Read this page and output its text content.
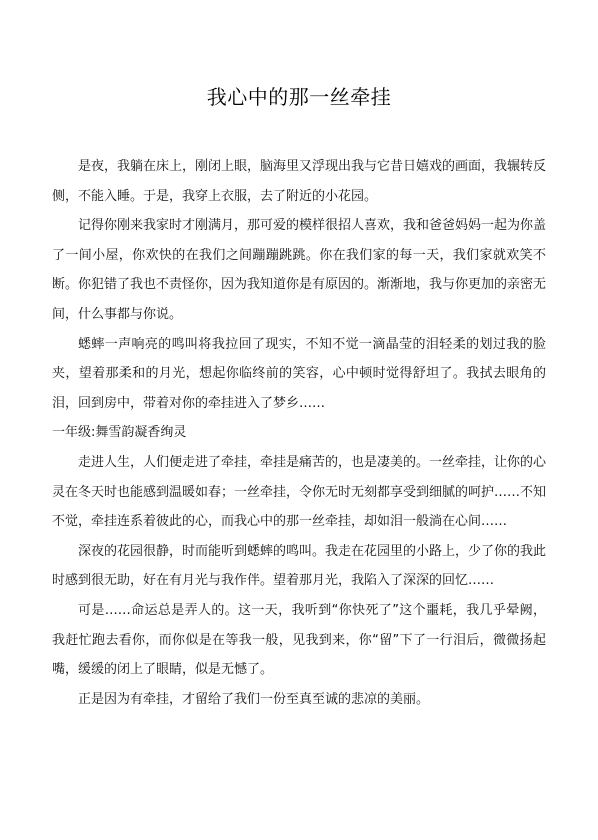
我心中的那一丝牵挂

是夜，我躺在床上，刚闭上眼，脑海里又浮现出我与它昔日嬉戏的画面，我辗转反侧，不能入睡。于是，我穿上衣服，去了附近的小花园。

记得你刚来我家时才刚满月，那可爱的模样很招人喜欢，我和爸爸妈妈一起为你盖了一间小屋，你欢快的在我们之间蹦蹦跳跳。你在我们家的每一天，我们家就欢笑不断。你犯错了我也不责怪你，因为我知道你是有原因的。渐渐地，我与你更加的亲密无间，什么事都与你说。

蟋蟀一声响亮的鸣叫将我拉回了现实，不知不觉一滴晶莹的泪轻柔的划过我的脸夹，望着那柔和的月光，想起你临终前的笑容，心中顿时觉得舒坦了。我拭去眼角的泪，回到房中，带着对你的牵挂进入了梦乡……

一年级:舞雪韵凝香绚灵

走进人生，人们便走进了牵挂，牵挂是痛苦的，也是凄美的。一丝牵挂，让你的心灵在冬天时也能感到温暖如春；一丝牵挂，令你无时无刻都享受到细腻的呵护……不知不觉，牵挂连系着彼此的心，而我心中的那一丝牵挂，却如泪一般淌在心间……

深夜的花园很静，时而能听到蟋蟀的鸣叫。我走在花园里的小路上，少了你的我此时感到很无助，好在有月光与我作伴。望着那月光，我陷入了深深的回忆……

可是……命运总是弄人的。这一天，我听到“你快死了”这个噩耗，我几乎晕阙，我赶忙跑去看你，而你似是在等我一般，见我到来，你“留”下了一行泪后，微微扬起嘴，缓缓的闭上了眼睛，似是无憾了。

正是因为有牵挂，才留给了我们一份至真至诚的悲凉的美丽。
